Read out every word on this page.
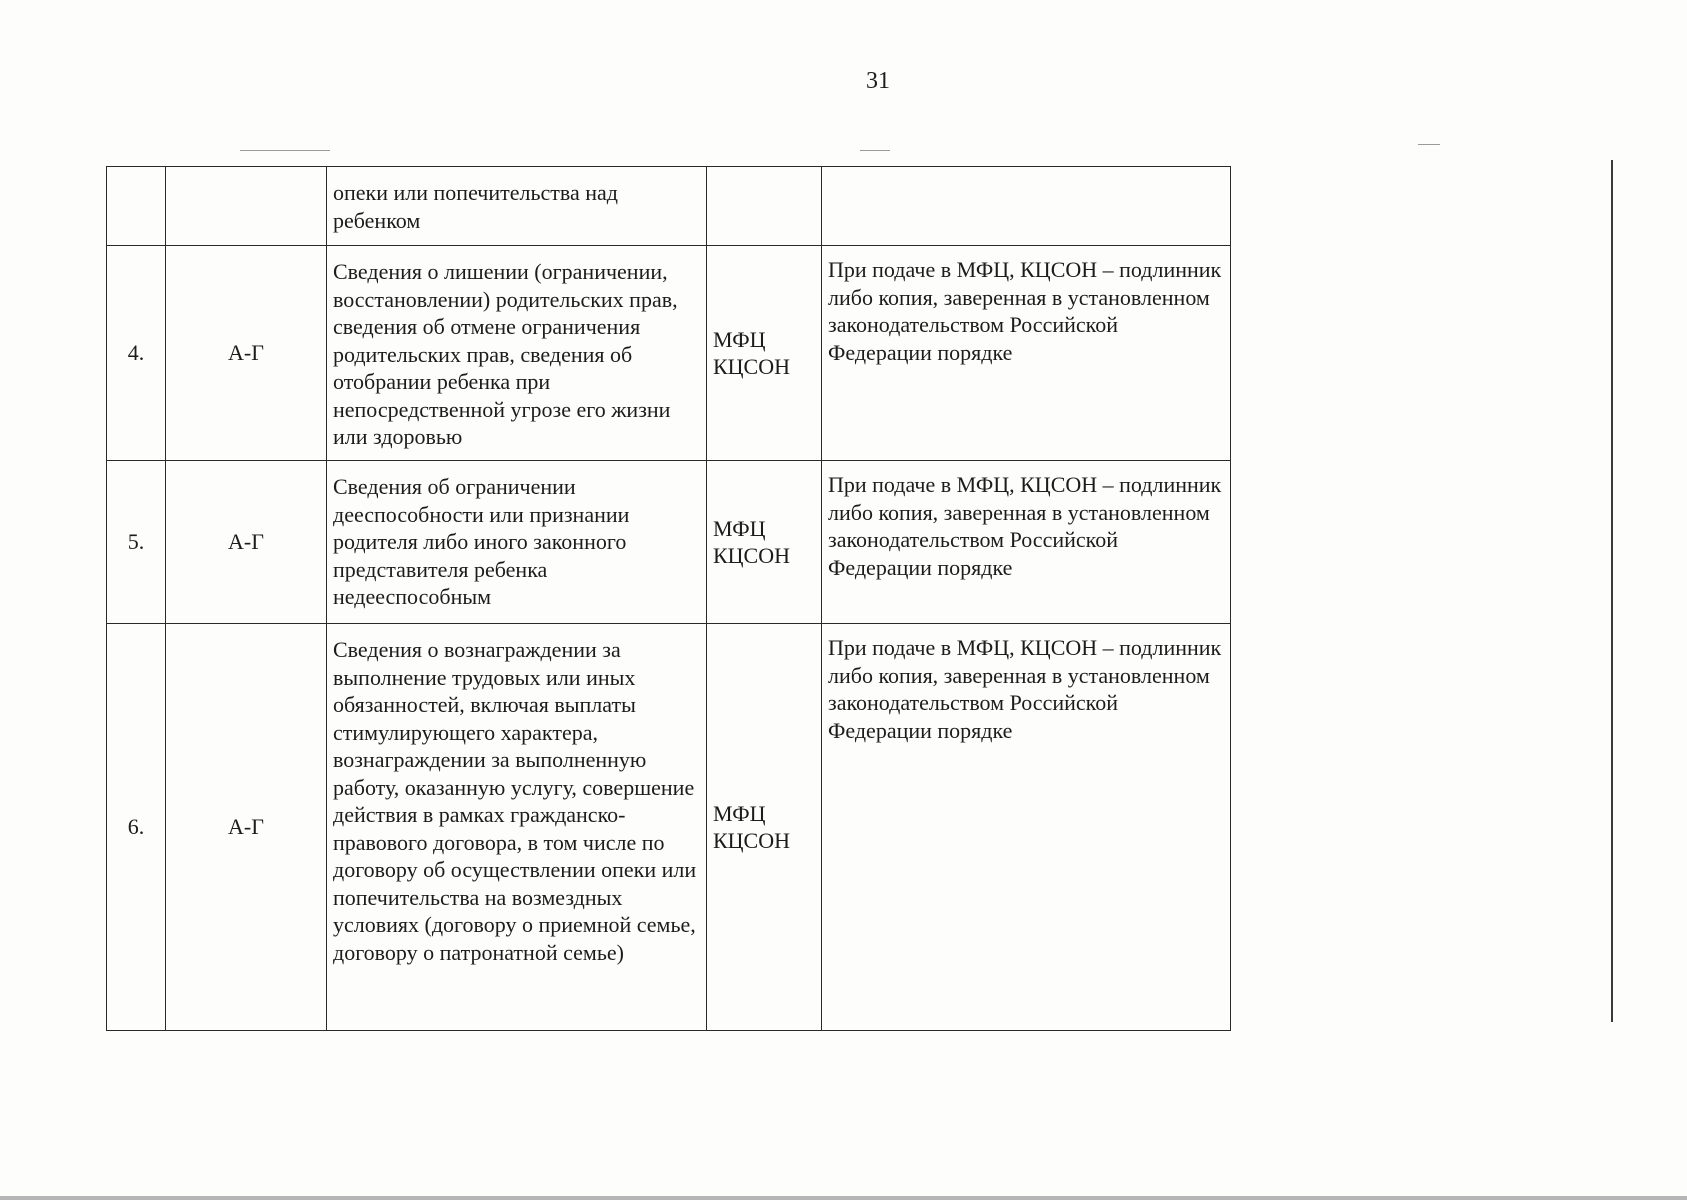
31
		опеки или попечительства над ребенком		
4.	А-Г	Сведения о лишении (ограничении, восстановлении) родительских прав, сведения об отмене ограничения родительских прав, сведения об отобрании ребенка при непосредственной угрозе его жизни или здоровью	МФЦ КЦСОН	При подаче в МФЦ, КЦСОН – подлинник либо копия, заверенная в установленном законодательством Российской Федерации порядке
5.	А-Г	Сведения об ограничении дееспособности или признании родителя либо иного законного представителя ребенка недееспособным	МФЦ КЦСОН	При подаче в МФЦ, КЦСОН – подлинник либо копия, заверенная в установленном законодательством Российской Федерации порядке
6.	А-Г	Сведения о вознаграждении за выполнение трудовых или иных обязанностей, включая выплаты стимулирующего характера, вознаграждении за выполненную работу, оказанную услугу, совершение действия в рамках гражданско-правового договора, в том числе по договору об осуществлении опеки или попечительства на возмездных условиях (договору о приемной семье, договору о патронатной семье)	МФЦ КЦСОН	При подаче в МФЦ, КЦСОН – подлинник либо копия, заверенная в установленном законодательством Российской Федерации порядке
